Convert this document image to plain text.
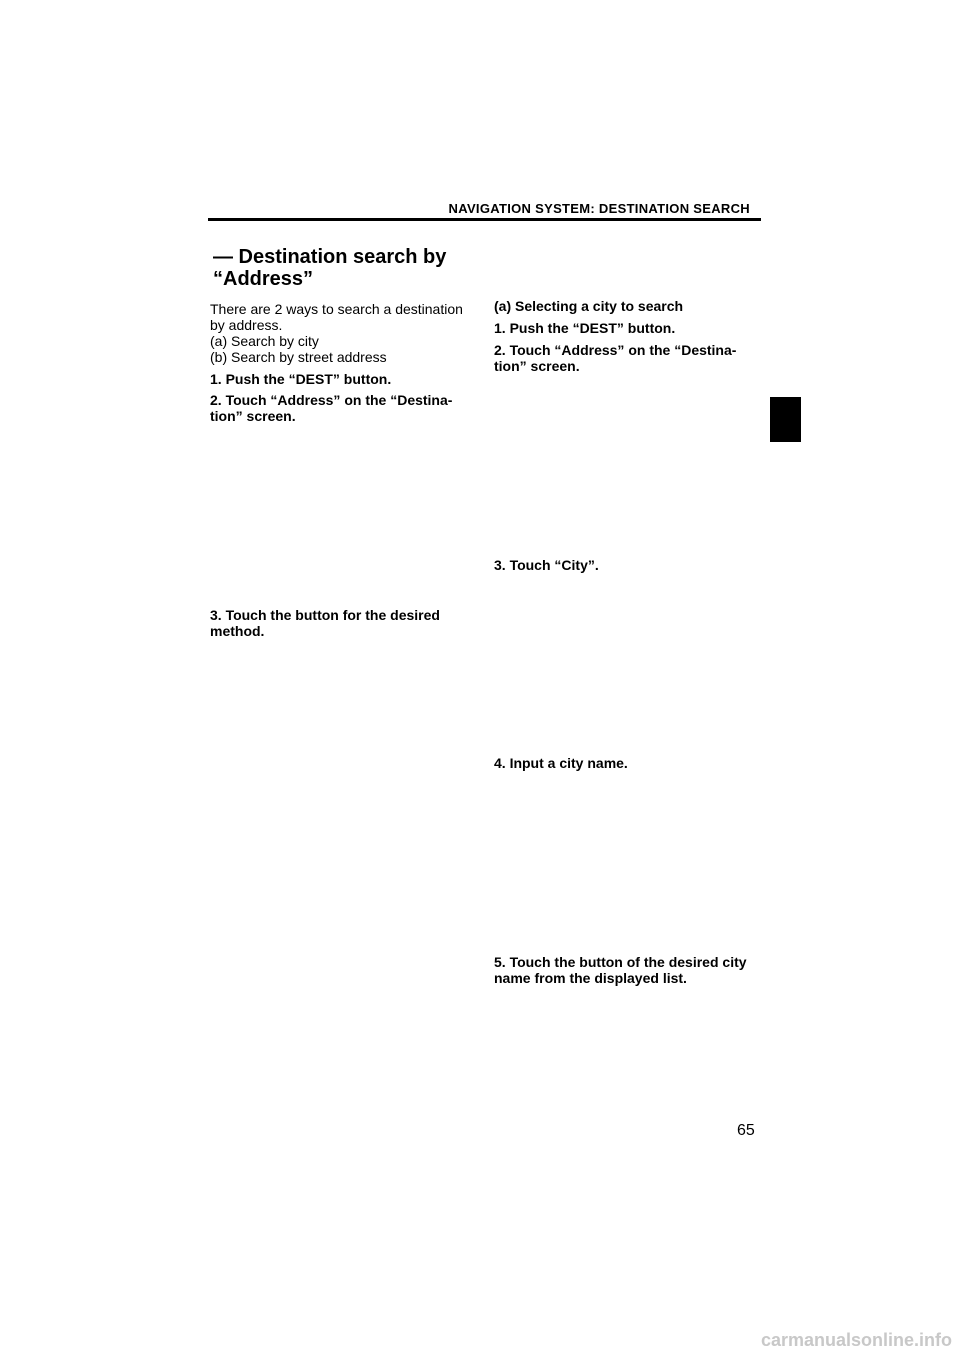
NAVIGATION SYSTEM: DESTINATION SEARCH
— Destination search by
“Address”
There are 2 ways to search a destination
by address.
(a) Search by city
(b) Search by street address
1. Push the “DEST” button.
2. Touch “Address” on the “Destina-
tion” screen.
3. Touch the button for the desired
method.
(a) Selecting a city to search
1. Push the “DEST” button.
2. Touch “Address” on the “Destina-
tion” screen.
3. Touch “City”.
4. Input a city name.
5. Touch the button of the desired city
name from the displayed list.
65
carmanualsonline.info
